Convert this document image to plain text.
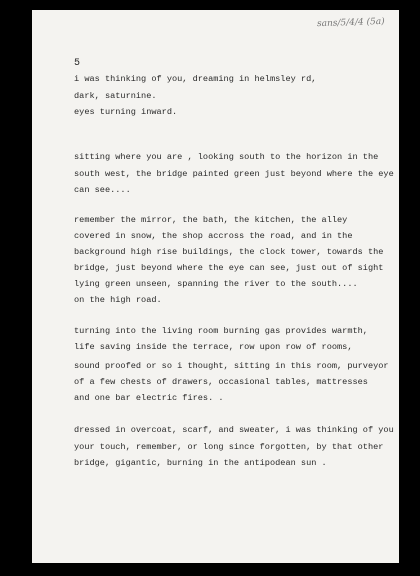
sans/5/4/4 (5a)
5
i was thinking of you, dreaming in helmsley rd,
dark, saturnine.
eyes turning inward.
sitting where you are , looking south to the horizon in the
south west, the bridge painted green just beyond where the eye
can see....
remember the mirror, the bath, the kitchen, the alley
covered in snow, the shop accross the road, and in the
background high rise buildings, the clock tower, towards the
bridge, just beyond where the eye can see, just out of sight
lying green unseen, spanning the river to the south....
on the high road.
turning into the living room burning gas provides warmth,
life saving inside the terrace, row upon row of rooms,
sound proofed or so i thought, sitting in this room, purveyor
of a few chests of drawers, occasional tables, mattresses
and one bar electric fires. .
dressed in overcoat, scarf, and sweater, i was thinking of you
your touch, remember, or long since forgotten, by that other
bridge, gigantic, burning in the antipodean sun .
